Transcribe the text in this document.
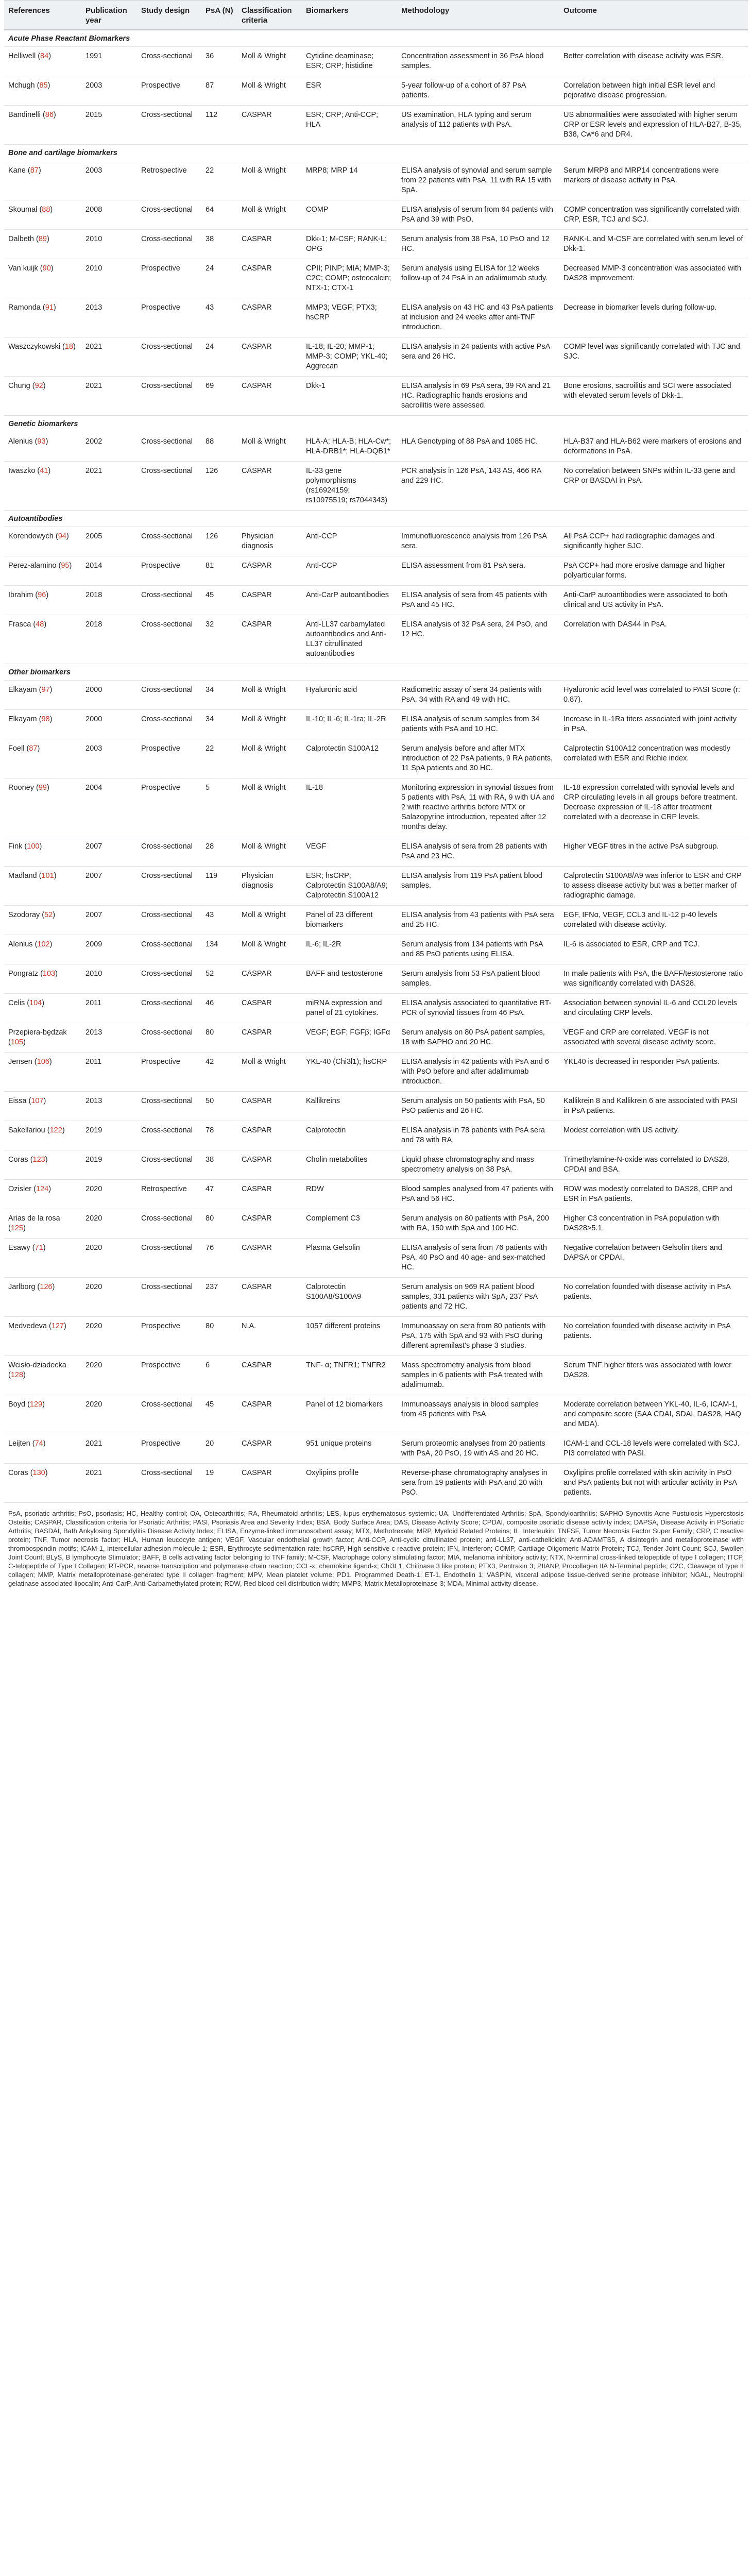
References	Publication year	Study design	PsA (N)	Classification criteria	Biomarkers	Methodology	Outcome
Acute Phase Reactant Biomarkers							
Helliwell (84)	1991	Cross-sectional	36	Moll & Wright	Cytidine deaminase; ESR; CRP; histidine	Concentration assessment in 36 PsA blood samples.	Better correlation with disease activity was ESR.
Mchugh (85)	2003	Prospective	87	Moll & Wright	ESR	5-year follow-up of a cohort of 87 PsA patients.	Correlation between high initial ESR level and pejorative disease progression.
Bandinelli (86)	2015	Cross-sectional	112	CASPAR	ESR; CRP; Anti-CCP; HLA	US examination, HLA typing and serum analysis of 112 patients with PsA.	US abnormalities were associated with higher serum CRP or ESR levels and expression of HLA-B27, B-35, B38, Cw*6 and DR4.
Bone and cartilage biomarkers							
Kane (87)	2003	Retrospective	22	Moll & Wright	MRP8; MRP 14	ELISA analysis of synovial and serum sample from 22 patients with PsA, 11 with RA 15 with SpA.	Serum MRP8 and MRP14 concentrations were markers of disease activity in PsA.
Skoumal (88)	2008	Cross-sectional	64	Moll & Wright	COMP	ELISA analysis of serum from 64 patients with PsA and 39 with PsO.	COMP concentration was significantly correlated with CRP, ESR, TCJ and SCJ.
Dalbeth (89)	2010	Cross-sectional	38	CASPAR	Dkk-1; M-CSF; RANK-L; OPG	Serum analysis from 38 PsA, 10 PsO and 12 HC.	RANK-L and M-CSF are correlated with serum level of Dkk-1.
Van kuijk (90)	2010	Prospective	24	CASPAR	CPII; PINP; MIA; MMP-3; C2C; COMP; osteocalcin; NTX-1; CTX-1	Serum analysis using ELISA for 12 weeks follow-up of 24 PsA in an adalimumab study.	Decreased MMP-3 concentration was associated with DAS28 improvement.
Ramonda (91)	2013	Prospective	43	CASPAR	MMP3; VEGF; PTX3; hsCRP	ELISA analysis on 43 HC and 43 PsA patients at inclusion and 24 weeks after anti-TNF introduction.	Decrease in biomarker levels during follow-up.
Waszczykowski (18)	2021	Cross-sectional	24	CASPAR	IL-18; IL-20; MMP-1; MMP-3; COMP; YKL-40; Aggrecan	ELISA analysis in 24 patients with active PsA sera and 26 HC.	COMP level was significantly correlated with TJC and SJC.
Chung (92)	2021	Cross-sectional	69	CASPAR	Dkk-1	ELISA analysis in 69 PsA sera, 39 RA and 21 HC. Radiographic hands erosions and sacroilitis were assessed.	Bone erosions, sacroilitis and SCI were associated with elevated serum levels of Dkk-1.
Genetic biomarkers							
Alenius (93)	2002	Cross-sectional	88	Moll & Wright	HLA-A; HLA-B; HLA-Cw*; HLA-DRB1*; HLA-DQB1*	HLA Genotyping of 88 PsA and 1085 HC.	HLA-B37 and HLA-B62 were markers of erosions and deformations in PsA.
Iwaszko (41)	2021	Cross-sectional	126	CASPAR	IL-33 gene polymorphisms (rs16924159; rs10975519; rs7044343)	PCR analysis in 126 PsA, 143 AS, 466 RA and 229 HC.	No correlation between SNPs within IL-33 gene and CRP or BASDAI in PsA.
Autoantibodies							
Korendowych (94)	2005	Cross-sectional	126	Physician diagnosis	Anti-CCP	Immunofluorescence analysis from 126 PsA sera.	All PsA CCP+ had radiographic damages and significantly higher SJC.
Perez-alamino (95)	2014	Prospective	81	CASPAR	Anti-CCP	ELISA assessment from 81 PsA sera.	PsA CCP+ had more erosive damage and higher polyarticular forms.
Ibrahim (96)	2018	Cross-sectional	45	CASPAR	Anti-CarP autoantibodies	ELISA analysis of sera from 45 patients with PsA and 45 HC.	Anti-CarP autoantibodies were associated to both clinical and US activity in PsA.
Frasca (48)	2018	Cross-sectional	32	CASPAR	Anti-LL37 carbamylated autoantibodies and Anti-LL37 citrullinated autoantibodies	ELISA analysis of 32 PsA sera, 24 PsO, and 12 HC.	Correlation with DAS44 in PsA.
Other biomarkers							
Elkayam (97)	2000	Cross-sectional	34	Moll & Wright	Hyaluronic acid	Radiometric assay of sera 34 patients with PsA, 34 with RA and 49 with HC.	Hyaluronic acid level was correlated to PASI Score (r: 0.87).
Elkayam (98)	2000	Cross-sectional	34	Moll & Wright	IL-10; IL-6; IL-1ra; IL-2R	ELISA analysis of serum samples from 34 patients with PsA and 10 HC.	Increase in IL-1Ra titers associated with joint activity in PsA.
Foell (87)	2003	Prospective	22	Moll & Wright	Calprotectin S100A12	Serum analysis before and after MTX introduction of 22 PsA patients, 9 RA patients, 11 SpA patients and 30 HC.	Calprotectin S100A12 concentration was modestly correlated with ESR and Richie index.
Rooney (99)	2004	Prospective	5	Moll & Wright	IL-18	Monitoring expression in synovial tissues from 5 patients with PsA, 11 with RA, 9 with UA and 2 with reactive arthritis before MTX or Salazopyrine introduction, repeated after 12 months delay.	IL-18 expression correlated with synovial levels and CRP circulating levels in all groups before treatment. Decrease expression of IL-18 after treatment correlated with a decrease in CRP levels.
Fink (100)	2007	Cross-sectional	28	Moll & Wright	VEGF	ELISA analysis of sera from 28 patients with PsA and 23 HC.	Higher VEGF titres in the active PsA subgroup.
Madland (101)	2007	Cross-sectional	119	Physician diagnosis	ESR; hsCRP; Calprotectin S100A8/A9; Calprotectin S100A12	ELISA analysis from 119 PsA patient blood samples.	Calprotectin S100A8/A9 was inferior to ESR and CRP to assess disease activity but was a better marker of radiographic damage.
Szodoray (52)	2007	Cross-sectional	43	Moll & Wright	Panel of 23 different biomarkers	ELISA analysis from 43 patients with PsA sera and 25 HC.	EGF, IFNα, VEGF, CCL3 and IL-12 p-40 levels correlated with disease activity.
Alenius (102)	2009	Cross-sectional	134	Moll & Wright	IL-6; IL-2R	Serum analysis from 134 patients with PsA and 85 PsO patients using ELISA.	IL-6 is associated to ESR, CRP and TCJ.
Pongratz (103)	2010	Cross-sectional	52	CASPAR	BAFF and testosterone	Serum analysis from 53 PsA patient blood samples.	In male patients with PsA, the BAFF/testosterone ratio was significantly correlated with DAS28.
Celis (104)	2011	Cross-sectional	46	CASPAR	miRNA expression and panel of 21 cytokines.	ELISA analysis associated to quantitative RT-PCR of synovial tissues from 46 PsA.	Association between synovial IL-6 and CCL20 levels and circulating CRP levels.
Przepiera-będzak (105)	2013	Cross-sectional	80	CASPAR	VEGF; EGF; FGFβ; IGFα	Serum analysis on 80 PsA patient samples, 18 with SAPHO and 20 HC.	VEGF and CRP are correlated. VEGF is not associated with several disease activity score.
Jensen (106)	2011	Prospective	42	Moll & Wright	YKL-40 (Chi3l1); hsCRP	ELISA analysis in 42 patients with PsA and 6 with PsO before and after adalimumab introduction.	YKL40 is decreased in responder PsA patients.
Eissa (107)	2013	Cross-sectional	50	CASPAR	Kallikreins	Serum analysis on 50 patients with PsA, 50 PsO patients and 26 HC.	Kallikrein 8 and Kallikrein 6 are associated with PASI in PsA patients.
Sakellariou (122)	2019	Cross-sectional	78	CASPAR	Calprotectin	ELISA analysis in 78 patients with PsA sera and 78 with RA.	Modest correlation with US activity.
Coras (123)	2019	Cross-sectional	38	CASPAR	Cholin metabolites	Liquid phase chromatography and mass spectrometry analysis on 38 PsA.	Trimethylamine-N-oxide was correlated to DAS28, CPDAI and BSA.
Ozisler (124)	2020	Retrospective	47	CASPAR	RDW	Blood samples analysed from 47 patients with PsA and 56 HC.	RDW was modestly correlated to DAS28, CRP and ESR in PsA patients.
Arias de la rosa (125)	2020	Cross-sectional	80	CASPAR	Complement C3	Serum analysis on 80 patients with PsA, 200 with RA, 150 with SpA and 100 HC.	Higher C3 concentration in PsA population with DAS28>5.1.
Esawy (71)	2020	Cross-sectional	76	CASPAR	Plasma Gelsolin	ELISA analysis of sera from 76 patients with PsA, 40 PsO and 40 age- and sex-matched HC.	Negative correlation between Gelsolin titers and DAPSA or CPDAI.
Jarlborg (126)	2020	Cross-sectional	237	CASPAR	Calprotectin S100A8/S100A9	Serum analysis on 969 RA patient blood samples, 331 patients with SpA, 237 PsA patients and 72 HC.	No correlation founded with disease activity in PsA patients.
Medvedeva (127)	2020	Prospective	80	N.A.	1057 different proteins	Immunoassay on sera from 80 patients with PsA, 175 with SpA and 93 with PsO during different apremilast's phase 3 studies.	No correlation founded with disease activity in PsA patients.
Wcisło-dziadecka (128)	2020	Prospective	6	CASPAR	TNF- α; TNFR1; TNFR2	Mass spectrometry analysis from blood samples in 6 patients with PsA treated with adalimumab.	Serum TNF higher titers was associated with lower DAS28.
Boyd (129)	2020	Cross-sectional	45	CASPAR	Panel of 12 biomarkers	Immunoassays analysis in blood samples from 45 patients with PsA.	Moderate correlation between YKL-40, IL-6, ICAM-1, and composite score (SAA CDAI, SDAI, DAS28, HAQ and MDA).
Leijten (74)	2021	Prospective	20	CASPAR	951 unique proteins	Serum proteomic analyses from 20 patients with PsA, 20 PsO, 19 with AS and 20 HC.	ICAM-1 and CCL-18 levels were correlated with SCJ. PI3 correlated with PASI.
Coras (130)	2021	Cross-sectional	19	CASPAR	Oxylipins profile	Reverse-phase chromatography analyses in sera from 19 patients with PsA and 20 with PsO.	Oxylipins profile correlated with skin activity in PsO and PsA patients but not with articular activity in PsA patients.

PsA, psoriatic arthritis; PsO, psoriasis; HC, Healthy control; OA, Osteoarthritis; RA, Rheumatoid arthritis; LES, lupus erythematosus systemic; UA, Undifferentiated Arthritis; SpA, Spondyloarthritis; SAPHO Synovitis Acne Pustulosis Hyperostosis Osteitis; CASPAR, Classification criteria for Psoriatic Arthritis; PASI, Psoriasis Area and Severity Index; BSA, Body Surface Area; DAS, Disease Activity Score; CPDAI, composite psoriatic disease activity index; DAPSA, Disease Activity in PSoriatic Arthritis; BASDAI, Bath Ankylosing Spondylitis Disease Activity Index; ELISA, Enzyme-linked immunosorbent assay; MTX, Methotrexate; MRP, Myeloid Related Proteins; IL, Interleukin; TNFSF, Tumor Necrosis Factor Super Family; CRP, C reactive protein; TNF, Tumor necrosis factor; HLA, Human leucocyte antigen; VEGF, Vascular endothelial growth factor; Anti-CCP, Anti-cyclic citrullinated protein; anti-LL37, anti-cathelicidin; Anti-ADAMTS5, A disintegrin and metalloproteinase with thrombospondin motifs; ICAM-1, Intercellular adhesion molecule-1; ESR, Erythrocyte sedimentation rate; hsCRP, High sensitive c reactive protein; IFN, Interferon; COMP, Cartilage Oligomeric Matrix Protein; TCJ, Tender Joint Count; SCJ, Swollen Joint Count; BLyS, B lymphocyte Stimulator; BAFF, B cells activating factor belonging to TNF family; M-CSF, Macrophage colony stimulating factor; MIA, melanoma inhibitory activity; NTX, N-terminal cross-linked telopeptide of type I collagen; ITCP, C-telopeptide of Type I Collagen; RT-PCR, reverse transcription and polymerase chain reaction; CCL-x, chemokine ligand-x; Chi3L1, Chitinase 3 like protein; PTX3, Pentraxin 3; PIIANP, Procollagen IIA N-Terminal peptide; C2C, Cleavage of type II collagen; MMP, Matrix metalloproteinase-generated type II collagen fragment; MPV, Mean platelet volume; PD1, Programmed Death-1; ET-1, Endothelin 1; VASPIN, visceral adipose tissue-derived serine protease inhibitor; NGAL, Neutrophil gelatinase associated lipocalin; Anti-CarP, Anti-Carbamethylated protein; RDW, Red blood cell distribution width; MMP3, Matrix Metalloproteinase-3; MDA, Minimal activity disease.
